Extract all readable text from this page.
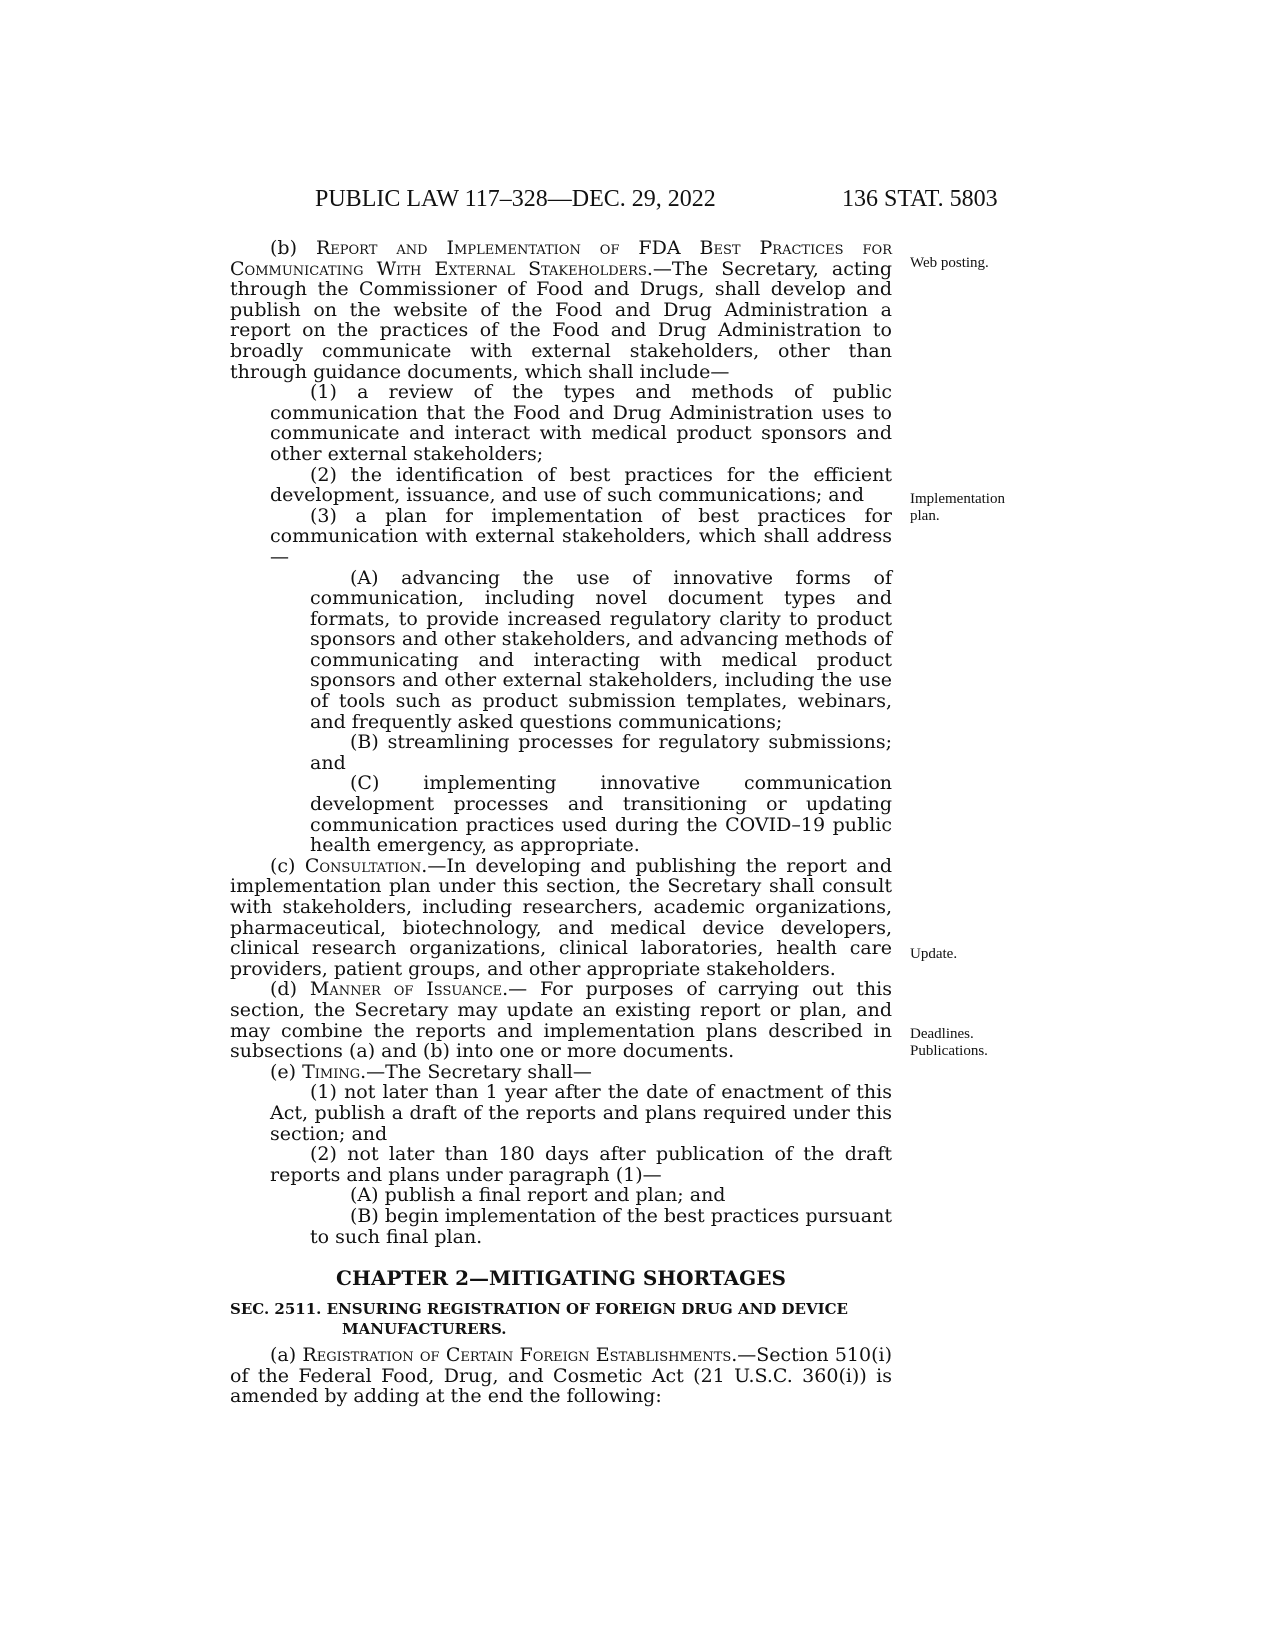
PUBLIC LAW 117–328—DEC. 29, 2022	136 STAT. 5803
Web posting.
Implementation plan.
Update.
Deadlines.
Publications.

(b) Report and Implementation of FDA Best Practices for Communicating With External Stakeholders.—The Secretary, acting through the Commissioner of Food and Drugs, shall develop and publish on the website of the Food and Drug Administration a report on the practices of the Food and Drug Administration to broadly communicate with external stakeholders, other than through guidance documents, which shall include—

(1) a review of the types and methods of public communication that the Food and Drug Administration uses to communicate and interact with medical product sponsors and other external stakeholders;

(2) the identification of best practices for the efficient development, issuance, and use of such communications; and

(3) a plan for implementation of best practices for communication with external stakeholders, which shall address—

(A) advancing the use of innovative forms of communication, including novel document types and formats, to provide increased regulatory clarity to product sponsors and other stakeholders, and advancing methods of communicating and interacting with medical product sponsors and other external stakeholders, including the use of tools such as product submission templates, webinars, and frequently asked questions communications;

(B) streamlining processes for regulatory submissions; and

(C) implementing innovative communication development processes and transitioning or updating communication practices used during the COVID–19 public health emergency, as appropriate.

(c) Consultation.—In developing and publishing the report and implementation plan under this section, the Secretary shall consult with stakeholders, including researchers, academic organizations, pharmaceutical, biotechnology, and medical device developers, clinical research organizations, clinical laboratories, health care providers, patient groups, and other appropriate stakeholders.

(d) Manner of Issuance.— For purposes of carrying out this section, the Secretary may update an existing report or plan, and may combine the reports and implementation plans described in subsections (a) and (b) into one or more documents.

(e) Timing.—The Secretary shall—

(1) not later than 1 year after the date of enactment of this Act, publish a draft of the reports and plans required under this section; and

(2) not later than 180 days after publication of the draft reports and plans under paragraph (1)—

(A) publish a final report and plan; and

(B) begin implementation of the best practices pursuant to such final plan.

CHAPTER 2—MITIGATING SHORTAGES

SEC. 2511. ENSURING REGISTRATION OF FOREIGN DRUG AND DEVICE MANUFACTURERS.

(a) Registration of Certain Foreign Establishments.—Section 510(i) of the Federal Food, Drug, and Cosmetic Act (21 U.S.C. 360(i)) is amended by adding at the end the following:
